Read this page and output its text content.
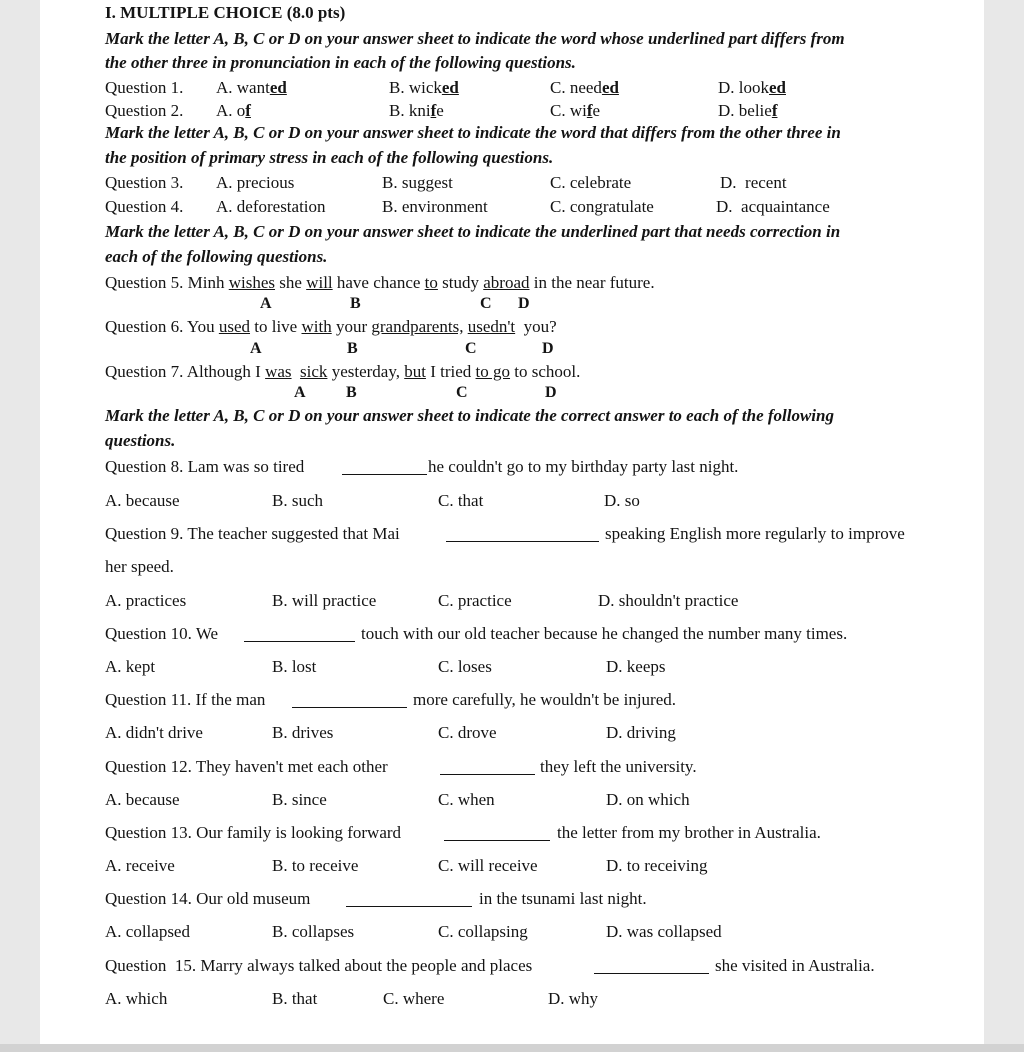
I. MULTIPLE CHOICE (8.0 pts)
Mark the letter A, B, C or D on your answer sheet to indicate the word whose underlined part differs from
the other three in pronunciation in each of the following questions.
Question 1. A. wanted	B. wicked	C. needed	D. looked
Question 2. A. of	B. knife	C. wife	D. belief
Mark the letter A, B, C or D on your answer sheet to indicate the word that differs from the other three in
the position of primary stress in each of the following questions.
Question 3. A. precious	B. suggest	C. celebrate	D.  recent
Question 4. A. deforestation	B. environment	C. congratulate	D.  acquaintance
Mark the letter A, B, C or D on your answer sheet to indicate the underlined part that needs correction in
each of the following questions.
Question 5. Minh wishes she will have chance to study abroad in the near future.
A	B	C D
Question 6. You used to live with your grandparents, usedn't  you?
A	B	C	D
Question 7. Although I was sick yesterday, but I tried to go to school.
A	B	C	D
Mark the letter A, B, C or D on your answer sheet to indicate the correct answer to each of the following
questions.
Question 8. Lam was so tired	he couldn't go to my birthday party last night.
A. because	B. such	C. that	D. so
Question 9. The teacher suggested that Mai	speaking English more regularly to improve
her speed.
A. practices	B. will practice	C. practice	D. shouldn't practice
Question 10. We	touch with our old teacher because he changed the number many times.
A. kept	B. lost	C. loses	D. keeps
Question 11. If the man	more carefully, he wouldn't be injured.
A. didn't drive	B. drives	C. drove	D. driving
Question 12. They haven't met each other	they left the university.
A. because	B. since	C. when	D. on which
Question 13. Our family is looking forward	the letter from my brother in Australia.
A. receive	B. to receive	C. will receive	D. to receiving
Question 14. Our old museum	in the tsunami last night.
A. collapsed	B. collapses	C. collapsing	D. was collapsed
Question  15. Marry always talked about the people and places	she visited in Australia.
A. which	B. that	C. where	D. why
